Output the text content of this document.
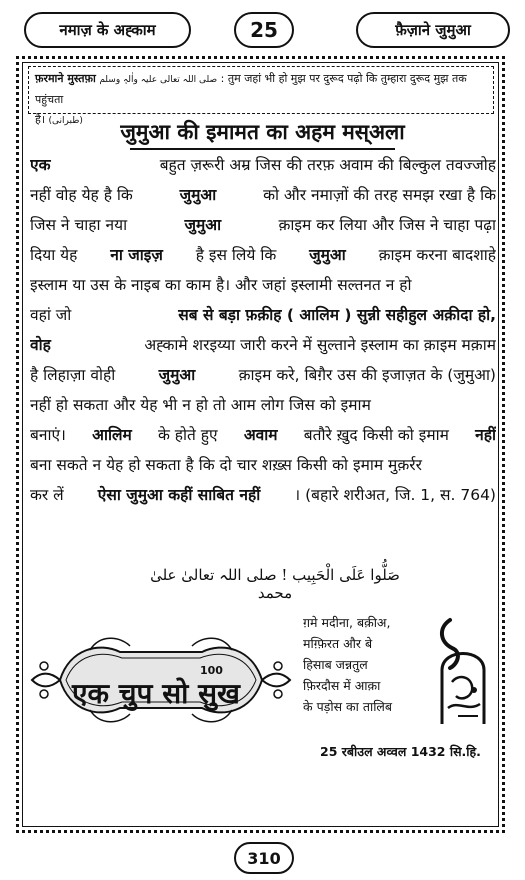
नमाज़ के अह्काम	25	फ़ैज़ाने जुमुआ
फ़रमाने मुस्तफ़ा صلی اللہ تعالی علیہ واٰلہٖ وسلم : तुम जहां भी हो मुझ पर दुरूद पढ़ो कि तुम्हारा दुरूद मुझ तक पहुंचता
है। (طبرانی)	जुमुआ की इमामत का अहम मस्अला
एक	बहुत ज़रूरी अम्र जिस की तरफ़ अवाम की बिल्कुल तवज्जोह
नहीं वोह येह है कि	जुमुआ	को और नमाज़ों की तरह समझ रखा है कि
जिस ने चाहा नया	जुमुआ	क़ाइम कर लिया और जिस ने चाहा पढ़ा
दिया येह ना जाइज़ है इस लिये कि जुमुआ क़ाइम करना बादशाहे
इस्लाम या उस के नाइब का काम है। और जहां इस्लामी सल्तनत न हो
वहां जो	सब से बड़ा फ़क़ीह ( आलिम ) सुन्नी सहीहुल अक़ीदा हो,
वोह	अह्कामे शरइय्या जारी करने में सुल्ताने इस्लाम का क़ाइम मक़ाम
है लिहाज़ा वोही	जुमुआ	क़ाइम करे, बिग़ैर उस की इजाज़त के (जुमुआ)
नहीं हो सकता और येह भी न हो तो आम लोग जिस को इमाम
बनाएं। आलिम के होते हुए अवाम बतौरे ख़ुद किसी को इमाम नहीं
बना सकते न येह हो सकता है कि दो चार शख़्स किसी को इमाम मुक़र्रर
कर लें ऐसा जुमुआ कहीं साबित नहीं । (बहारे शरीअत, जि. 1, स. 764)
صَلُّوا عَلَی الْحَبِیب ! صلی اللہ تعالیٰ علیٰ محمد
100
एक चुप सो सुख
ग़मे मदीना, बक़ीअ,
मग़्फ़िरत और बे
हिसाब जन्नतुल
फ़िरदौस में आक़ा
के पड़ोस का तालिब
25 रबीउल अव्वल 1432 सि.हि.
310
